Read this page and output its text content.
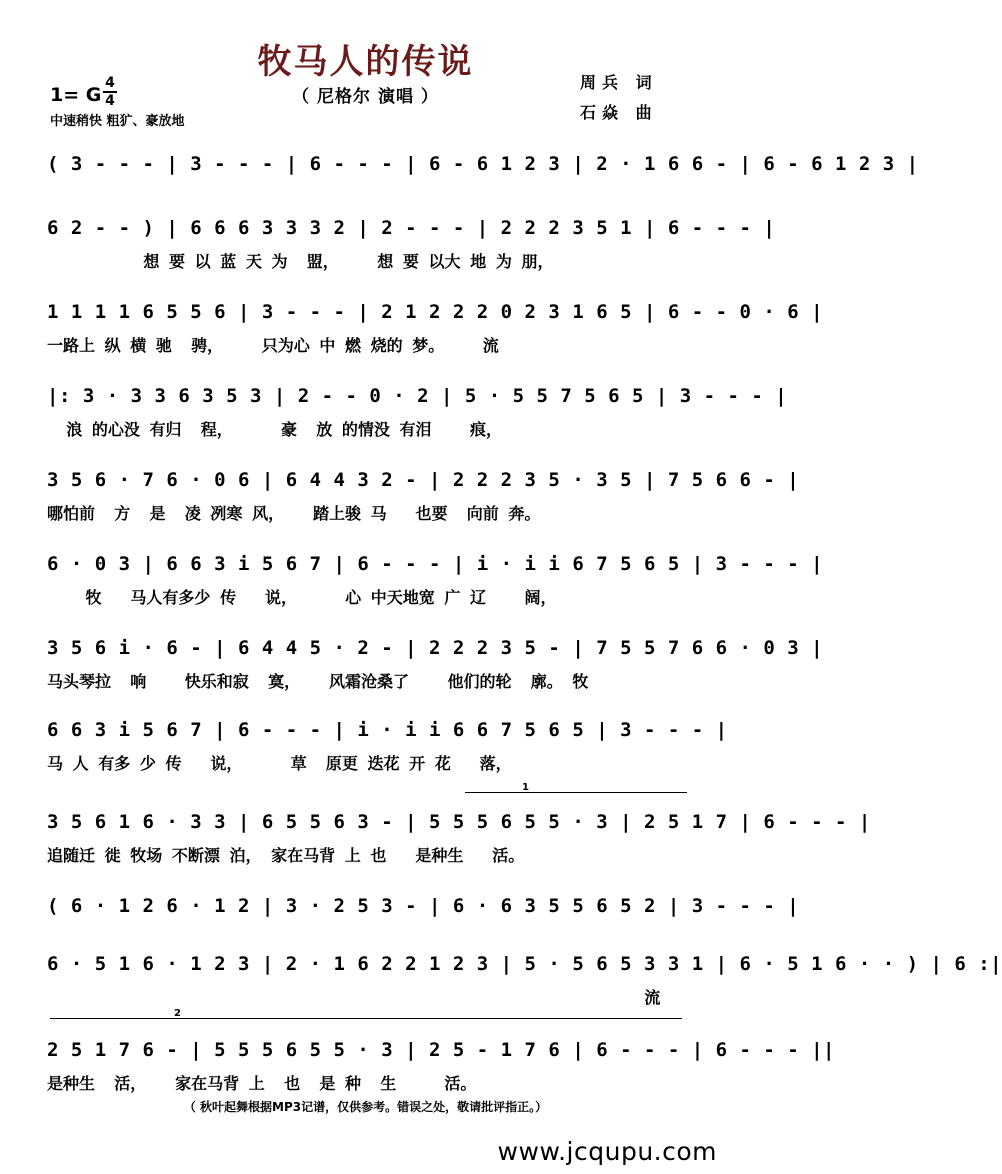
牧马人的传说
（ 尼格尔 演唱 ）
1= G
4
4
中速稍快 粗犷、豪放地
周兵 词
石焱 曲
( 3 - - - | 3 - - - | 6 - - - | 6 - 6 1 2 3 | 2 · 1 6 6 - | 6 - 6 1 2 3 |
6 2 - - ) | 6 6 6 3 3 3 2 | 2 - - - | 2 2 2 3 5 1 | 6 - - - |
想 要 以 蓝 天 为  盟，    想 要 以大 地 为 朋，
1 1 1 1 6 5 5 6 | 3 - - - | 2 1 2 2 2 0 2 3 1 6 5 | 6 - - 0 · 6 |
一路上 纵 横 驰  骋，    只为心 中 燃 烧的 梦。    流
|: 3 · 3 3 6 3 5 3 | 2 - - 0 · 2 | 5 · 5 5 7 5 6 5 | 3 - - - |
浪 的心没 有归  程，     豪  放 的情没 有泪    痕，
3 5 6 · 7 6 · 0 6 | 6 4 4 3 2 - | 2 2 2 3 5 · 3 5 | 7 5 6 6 - |
哪怕前  方  是  凌 冽寒 风，   踏上骏 马   也要  向前 奔。
6 · 0 3 | 6 6 3 i 5 6 7 | 6 - - - | i · i i 6 7 5 6 5 | 3 - - - |
牧   马人有多少 传   说，     心 中天地宽 广 辽    阔，
3 5 6 i · 6 - | 6 4 4 5 · 2 - | 2 2 2 3 5 - | 7 5 5 7 6 6 · 0 3 |
马头琴拉  响    快乐和寂  寞，   风霜沧桑了    他们的轮  廓。 牧
6 6 3 i 5 6 7 | 6 - - - | i · i i 6 6 7 5 6 5 | 3 - - - |
马 人 有多 少 传   说，     草  原更 迭花 开 花   落，
1
3 5 6 1 6 · 3 3 | 6 5 5 6 3 - | 5 5 5 6 5 5 · 3 | 2 5 1 7 | 6 - - - |
追随迁 徙 牧场 不断漂 泊， 家在马背 上 也   是种生   活。
( 6 · 1 2 6 · 1 2 | 3 · 2 5 3 - | 6 · 6 3 5 5 6 5 2 | 3 - - - |
6 · 5 1 6 · 1 2 3 | 2 · 1 6 2 2 1 2 3 | 5 · 5 6 5 3 3 1 | 6 · 5 1 6 · · ) | 6 :|
流
2
2 5 1 7 6 - | 5 5 5 6 5 5 · 3 | 2 5 - 1 7 6 | 6 - - - | 6 - - - ||
是种生  活，   家在马背 上  也  是 种  生     活。
（ 秋叶起舞根据MP3记谱，仅供参考。错误之处，敬请批评指正。）
www.jcqupu.com
